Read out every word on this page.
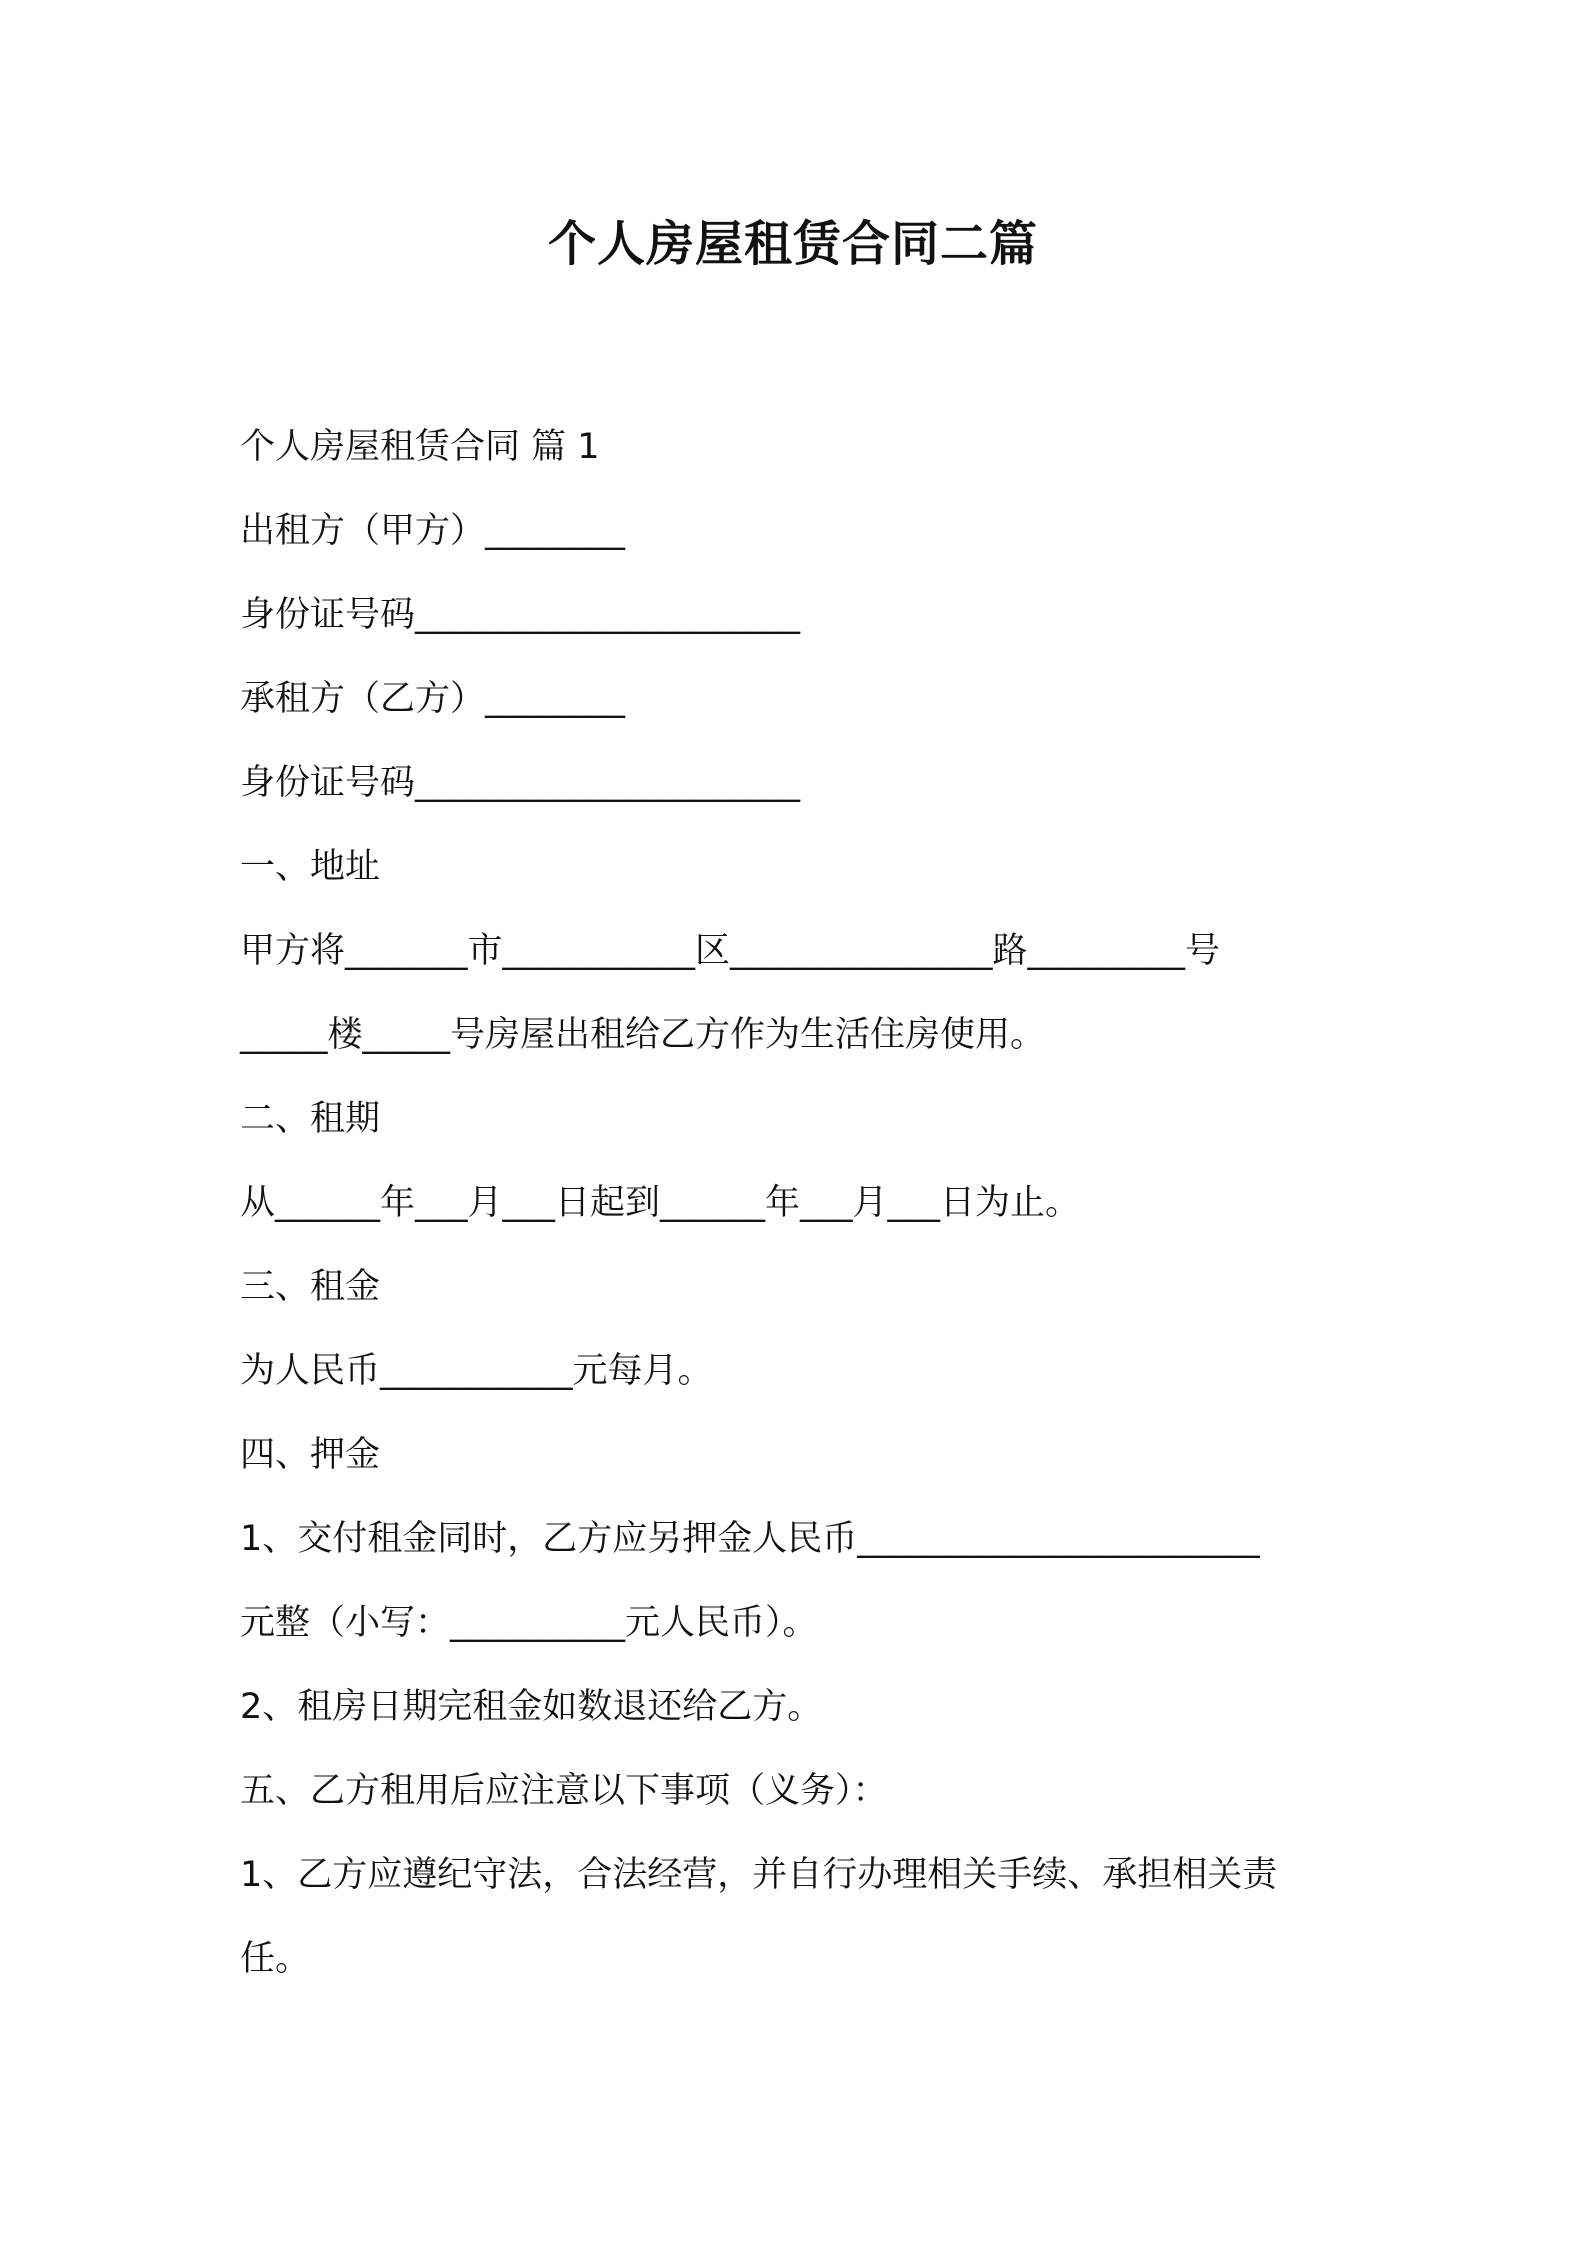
个人房屋租赁合同二篇

个人房屋租赁合同 篇 1

出租方（甲方）________

身份证号码______________________

承租方（乙方）________

身份证号码______________________

一、地址

甲方将_______市___________区_______________路_________号

_____楼_____号房屋出租给乙方作为生活住房使用。

二、租期

从______年___月___日起到______年___月___日为止。

三、租金

为人民币___________元每月。

四、押金

1、交付租金同时，乙方应另押金人民币_______________________

元整（小写：__________元人民币）。

2、租房日期完租金如数退还给乙方。

五、乙方租用后应注意以下事项（义务）：

1、乙方应遵纪守法，合法经营，并自行办理相关手续、承担相关责

任。
